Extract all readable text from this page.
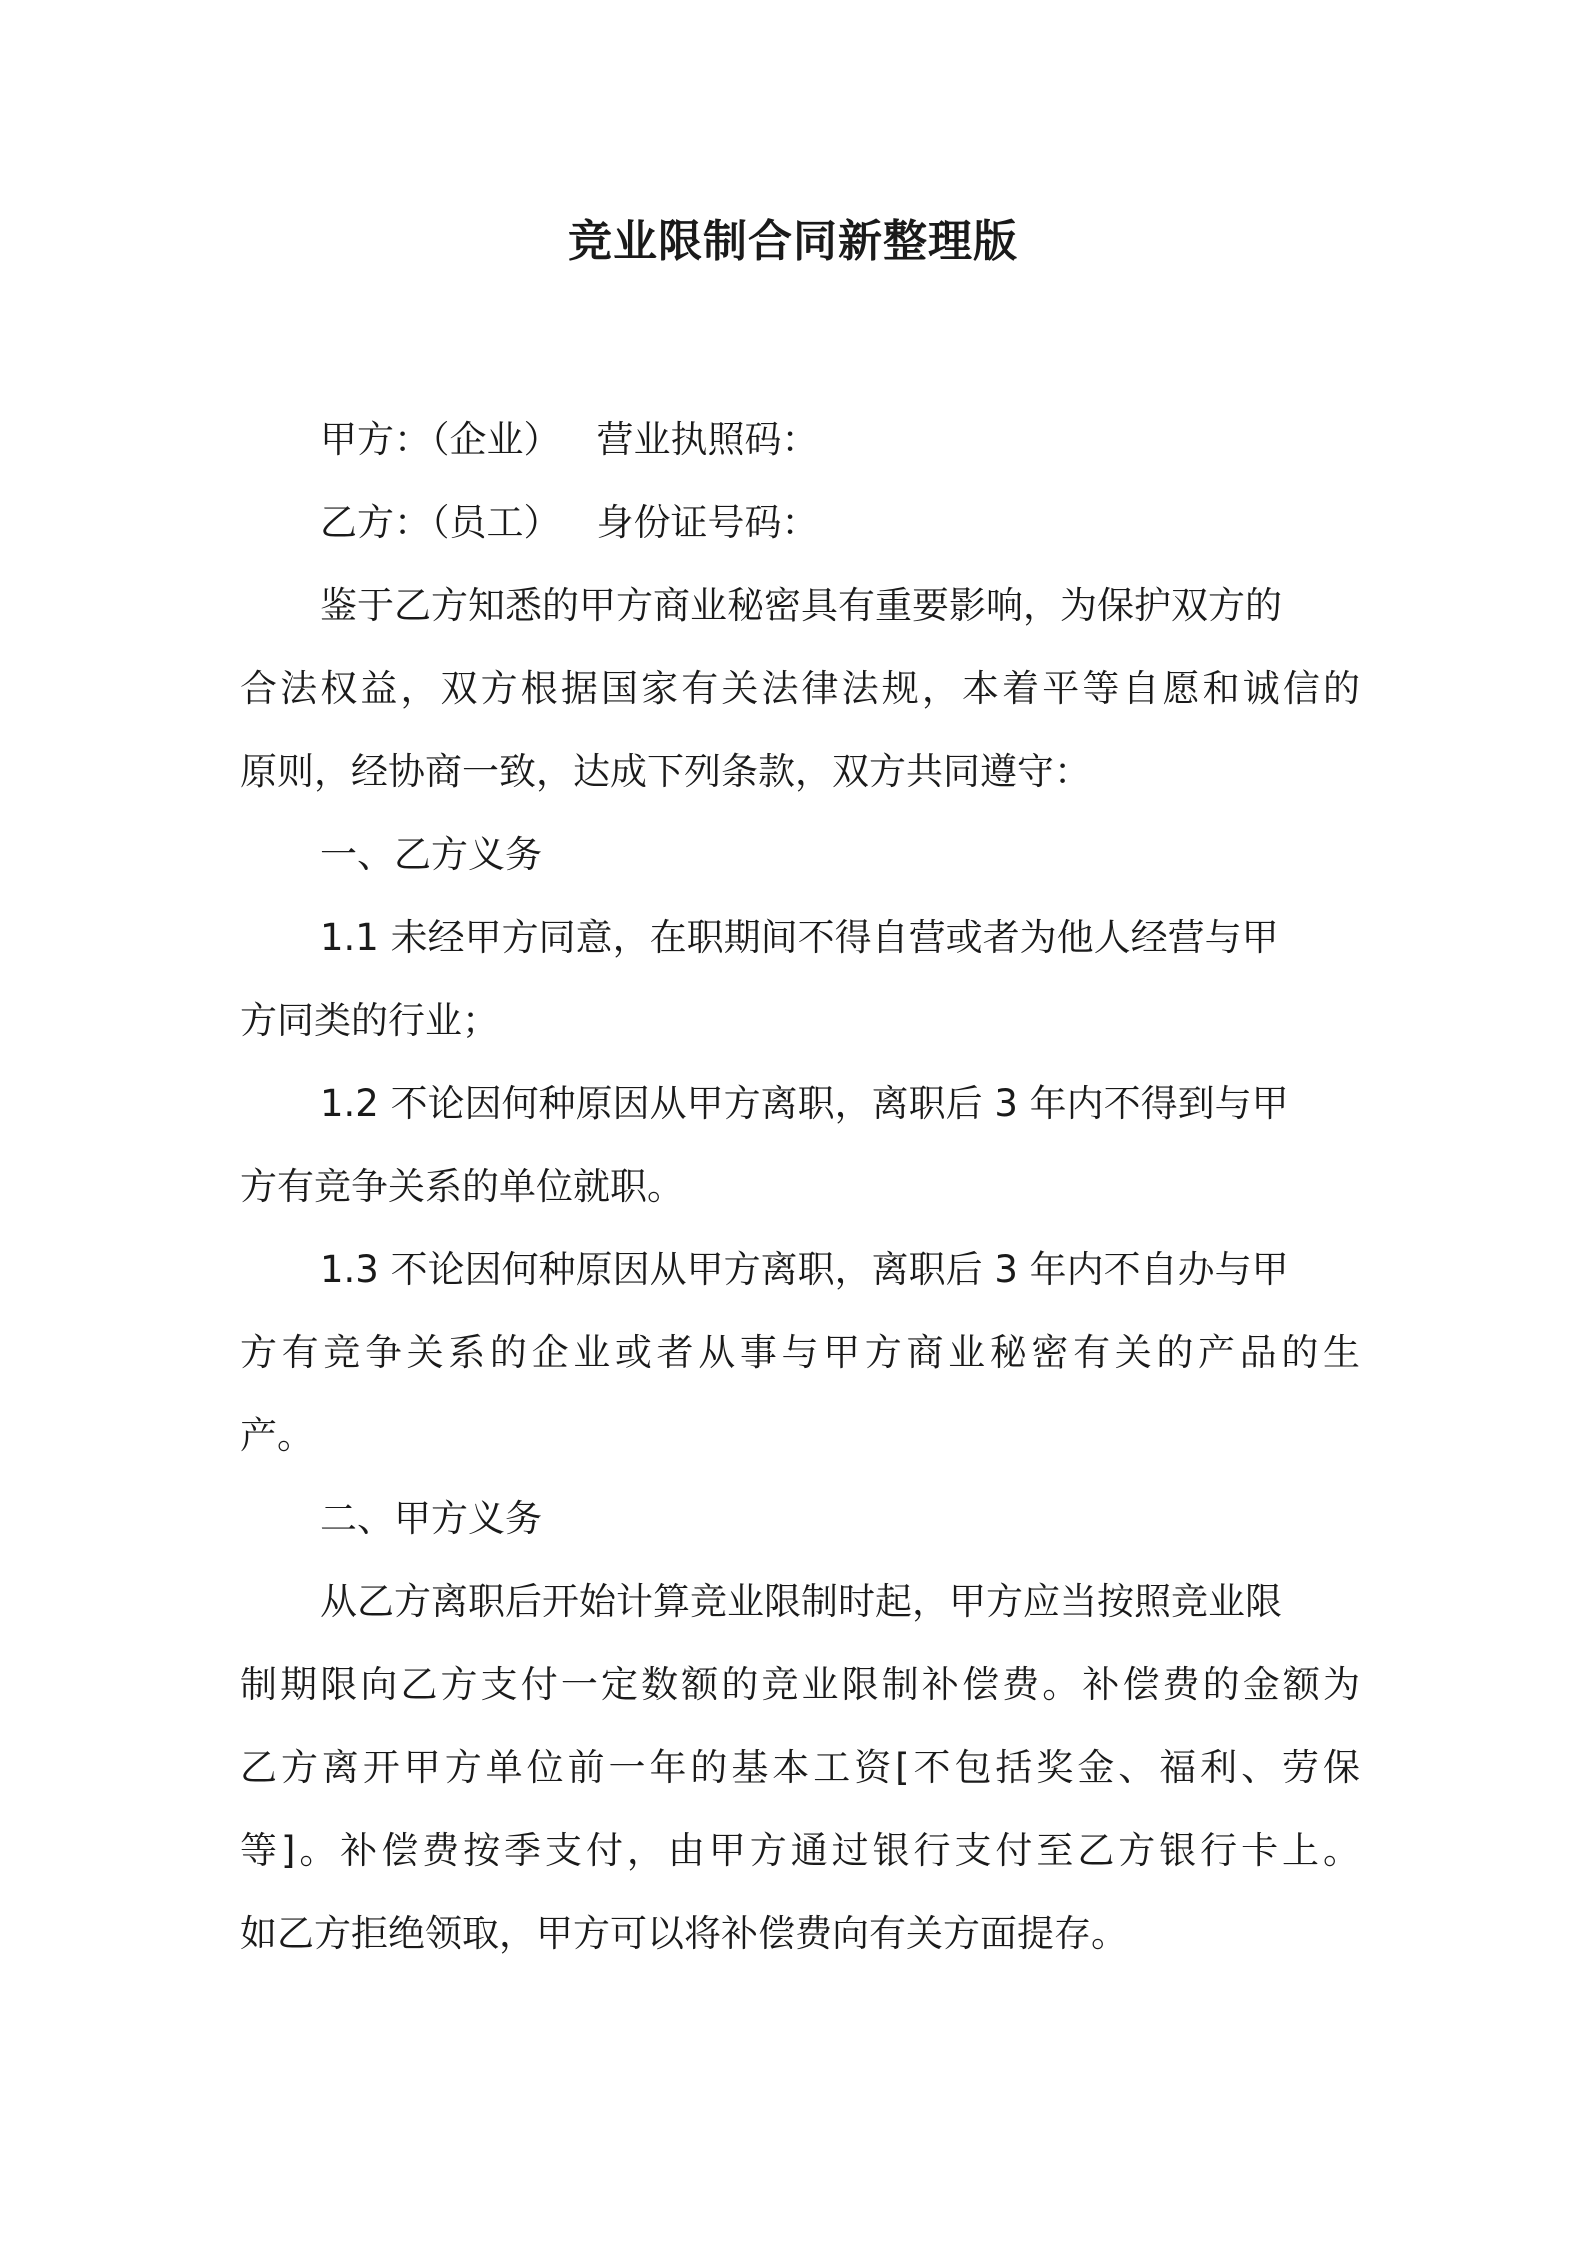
竞业限制合同新整理版

甲方：（企业） 营业执照码：

乙方：（员工） 身份证号码：

鉴于乙方知悉的甲方商业秘密具有重要影响，为保护双方的

合法权益，双方根据国家有关法律法规，本着平等自愿和诚信的

原则，经协商一致，达成下列条款，双方共同遵守：

一、乙方义务

1.1 未经甲方同意，在职期间不得自营或者为他人经营与甲

方同类的行业；

1.2 不论因何种原因从甲方离职，离职后 3 年内不得到与甲

方有竞争关系的单位就职。

1.3 不论因何种原因从甲方离职，离职后 3 年内不自办与甲

方有竞争关系的企业或者从事与甲方商业秘密有关的产品的生

产。

二、甲方义务

从乙方离职后开始计算竞业限制时起，甲方应当按照竞业限

制期限向乙方支付一定数额的竞业限制补偿费。补偿费的金额为

乙方离开甲方单位前一年的基本工资[不包括奖金、福利、劳保

等]。补偿费按季支付，由甲方通过银行支付至乙方银行卡上。

如乙方拒绝领取，甲方可以将补偿费向有关方面提存。
